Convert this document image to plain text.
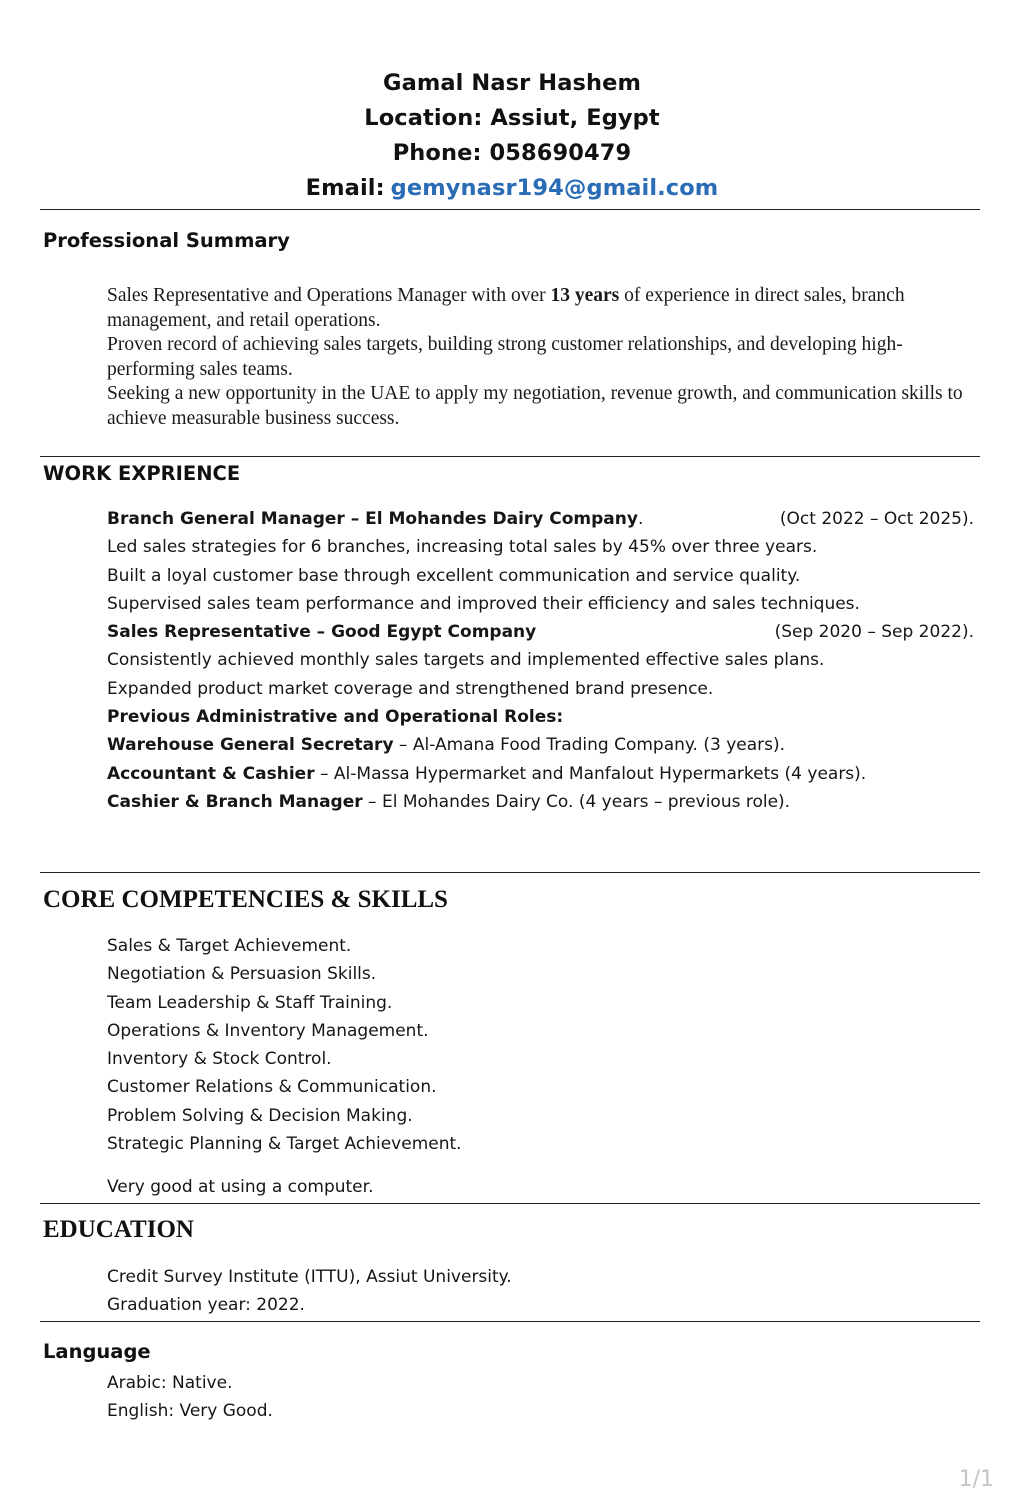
Gamal Nasr Hashem
Location: Assiut, Egypt
Phone: 058690479
Email: gemynasr194@gmail.com
Professional Summary

Sales Representative and Operations Manager with over 13 years of experience in direct sales, branch management, and retail operations.

Proven record of achieving sales targets, building strong customer relationships, and developing high-performing sales teams.

Seeking a new opportunity in the UAE to apply my negotiation, revenue growth, and communication skills to achieve measurable business success.

WORK EXPRIENCE
Branch General Manager – El Mohandes Dairy Company.	(Oct 2022 – Oct 2025).
Led sales strategies for 6 branches, increasing total sales by 45% over three years.
Built a loyal customer base through excellent communication and service quality.
Supervised sales team performance and improved their efficiency and sales techniques.
Sales Representative – Good Egypt Company	(Sep 2020 – Sep 2022).
Consistently achieved monthly sales targets and implemented effective sales plans.
Expanded product market coverage and strengthened brand presence.
Previous Administrative and Operational Roles:
Warehouse General Secretary – Al-Amana Food Trading Company. (3 years).
Accountant & Cashier – Al-Massa Hypermarket and Manfalout Hypermarkets (4 years).
Cashier & Branch Manager – El Mohandes Dairy Co. (4 years – previous role).
CORE COMPETENCIES & SKILLS
Sales & Target Achievement.
Negotiation & Persuasion Skills.
Team Leadership & Staff Training.
Operations & Inventory Management.
Inventory & Stock Control.
Customer Relations & Communication.
Problem Solving & Decision Making.
Strategic Planning & Target Achievement.
Very good at using a computer.
EDUCATION
Credit Survey Institute (ITTU), Assiut University.
Graduation year: 2022.
Language
Arabic: Native.
English: Very Good.
1/1
